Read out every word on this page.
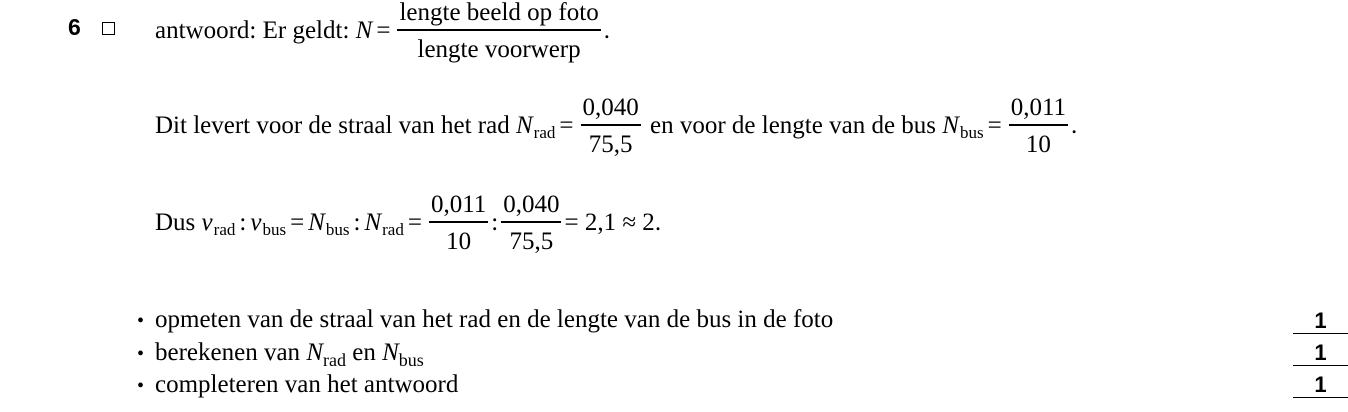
6	antwoord: Er geldt:
$N = \frac{\text{lengte beeld op foto}}{\text{lengte voorwerp}}$ .
Dit levert voor de straal van het rad
N rad = $\frac{0,040}{75,5}$
en voor de lengte van de bus
N bus = $\frac{0,011}{10}$ .
Dus
v rad : v bus = N bus : N rad = $\frac{0,011}{10}$ : $\frac{0,040}{75,5} = 2,1 \approx 2$ .
• opmeten van de straal van het rad en de lengte van de bus in de foto
• berekenen van
N rad
en
N bus
• completeren van het antwoord
1
1
1
